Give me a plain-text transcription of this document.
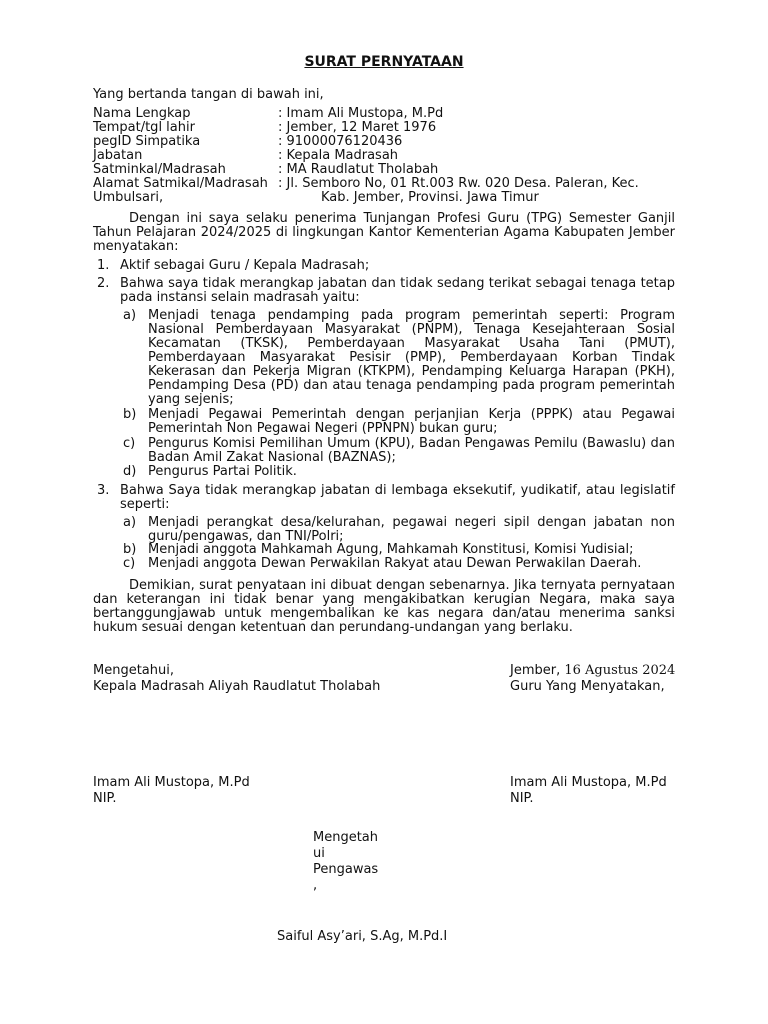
SURAT PERNYATAAN
Yang bertanda tangan di bawah ini,
Nama Lengkap	: Imam Ali Mustopa, M.Pd
Tempat/tgl lahir	: Jember, 12 Maret 1976
pegID Simpatika	: 91000076120436
Jabatan	: Kepala Madrasah
Satminkal/Madrasah	: MA Raudlatut Tholabah
Alamat Satmikal/Madrasah : Jl. Semboro No, 01 Rt.003 Rw. 020 Desa. Paleran, Kec.
Umbulsari,	Kab. Jember, Provinsi. Jawa Timur
Dengan ini saya selaku penerima Tunjangan Profesi Guru (TPG) Semester Ganjil Tahun Pelajaran 2024/2025 di lingkungan Kantor Kementerian Agama Kabupaten Jember menyatakan:
1. Aktif sebagai Guru / Kepala Madrasah;
2. Bahwa saya tidak merangkap jabatan dan tidak sedang terikat sebagai tenaga tetap pada instansi selain madrasah yaitu:
a) Menjadi tenaga pendamping pada program pemerintah seperti: Program Nasional Pemberdayaan Masyarakat (PNPM), Tenaga Kesejahteraan Sosial Kecamatan (TKSK), Pemberdayaan Masyarakat Usaha Tani (PMUT), Pemberdayaan Masyarakat Pesisir (PMP), Pemberdayaan Korban Tindak Kekerasan dan Pekerja Migran (KTKPM), Pendamping Keluarga Harapan (PKH), Pendamping Desa (PD) dan atau tenaga pendamping pada program pemerintah yang sejenis;
b) Menjadi Pegawai Pemerintah dengan perjanjian Kerja (PPPK) atau Pegawai Pemerintah Non Pegawai Negeri (PPNPN) bukan guru;
c) Pengurus Komisi Pemilihan Umum (KPU), Badan Pengawas Pemilu (Bawaslu) dan Badan Amil Zakat Nasional (BAZNAS);
d) Pengurus Partai Politik.
3. Bahwa Saya tidak merangkap jabatan di lembaga eksekutif, yudikatif, atau legislatif seperti:
a) Menjadi perangkat desa/kelurahan, pegawai negeri sipil dengan jabatan non guru/pengawas, dan TNI/Polri;
b) Menjadi anggota Mahkamah Agung, Mahkamah Konstitusi, Komisi Yudisial;
c) Menjadi anggota Dewan Perwakilan Rakyat atau Dewan Perwakilan Daerah.
Demikian, surat penyataan ini dibuat dengan sebenarnya. Jika ternyata pernyataan dan keterangan ini tidak benar yang mengakibatkan kerugian Negara, maka saya bertanggungjawab untuk mengembalikan ke kas negara dan/atau menerima sanksi hukum sesuai dengan ketentuan dan perundang-undangan yang berlaku.
Mengetahui,
Kepala Madrasah Aliyah Raudlatut Tholabah
Jember, 16 Agustus 2024
Guru Yang Menyatakan,
Imam Ali Mustopa, M.Pd
NIP.
Imam Ali Mustopa, M.Pd
NIP.
Mengetah
ui
Pengawas
,
Saiful Asy’ari, S.Ag, M.Pd.I
